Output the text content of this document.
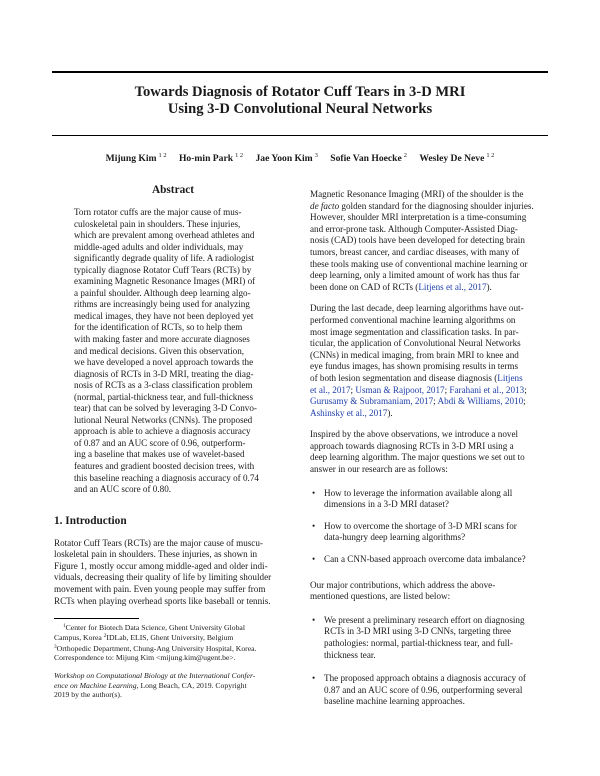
Towards Diagnosis of Rotator Cuff Tears in 3-D MRI
Using 3-D Convolutional Neural Networks
Mijung Kim $^{1 2}$ Ho-min Park $^{1 2}$ Jae Yoon Kim $^3$ Sofie Van Hoecke $^2$ Wesley De Neve $^{1 2}$
Abstract
Torn rotator cuffs are the major cause of mus-
culoskeletal pain in shoulders. These injuries,
which are prevalent among overhead athletes and
middle-aged adults and older individuals, may
significantly degrade quality of life. A radiologist
typically diagnose Rotator Cuff Tears (RCTs) by
examining Magnetic Resonance Images (MRI) of
a painful shoulder. Although deep learning algo-
rithms are increasingly being used for analyzing
medical images, they have not been deployed yet
for the identification of RCTs, so to help them
with making faster and more accurate diagnoses
and medical decisions. Given this observation,
we have developed a novel approach towards the
diagnosis of RCTs in 3-D MRI, treating the diag-
nosis of RCTs as a 3-class classification problem
(normal, partial-thickness tear, and full-thickness
tear) that can be solved by leveraging 3-D Convo-
lutional Neural Networks (CNNs). The proposed
approach is able to achieve a diagnosis accuracy
of 0.87 and an AUC score of 0.96, outperform-
ing a baseline that makes use of wavelet-based
features and gradient boosted decision trees, with
this baseline reaching a diagnosis accuracy of 0.74
and an AUC score of 0.80.
1. Introduction
Rotator Cuff Tears (RCTs) are the major cause of muscu-
loskeletal pain in shoulders. These injuries, as shown in
Figure 1, mostly occur among middle-aged and older indi-
viduals, decreasing their quality of life by limiting shoulder
movement with pain. Even young people may suffer from
RCTs when playing overhead sports like baseball or tennis.
$^1$Center for Biotech Data Science, Ghent University Global
Campus, Korea $^2$IDLab, ELIS, Ghent University, Belgium
$^3$Orthopedic Department, Chung-Ang University Hospital, Korea.
Correspondence to: Mijung Kim <mijung.kim@ugent.be>.
Workshop on Computational Biology at the International Confer-
ence on Machine Learning, Long Beach, CA, 2019. Copyright
2019 by the author(s).
Magnetic Resonance Imaging (MRI) of the shoulder is the
de facto golden standard for the diagnosing shoulder injuries.
However, shoulder MRI interpretation is a time-consuming
and error-prone task. Although Computer-Assisted Diag-
nosis (CAD) tools have been developed for detecting brain
tumors, breast cancer, and cardiac diseases, with many of
these tools making use of conventional machine learning or
deep learning, only a limited amount of work has thus far
been done on CAD of RCTs (Litjens et al., 2017).
During the last decade, deep learning algorithms have out-
performed conventional machine learning algorithms on
most image segmentation and classification tasks. In par-
ticular, the application of Convolutional Neural Networks
(CNNs) in medical imaging, from brain MRI to knee and
eye fundus images, has shown promising results in terms
of both lesion segmentation and disease diagnosis (Litjens
et al., 2017; Usman & Rajpoot, 2017; Farahani et al., 2013;
Gurusamy & Subramaniam, 2017; Abdi & Williams, 2010;
Ashinsky et al., 2017).
Inspired by the above observations, we introduce a novel
approach towards diagnosing RCTs in 3-D MRI using a
deep learning algorithm. The major questions we set out to
answer in our research are as follows:
• How to leverage the information available along all
dimensions in a 3-D MRI dataset?
• How to overcome the shortage of 3-D MRI scans for
data-hungry deep learning algorithms?
• Can a CNN-based approach overcome data imbalance?
Our major contributions, which address the above-
mentioned questions, are listed below:
• We present a preliminary research effort on diagnosing
RCTs in 3-D MRI using 3-D CNNs, targeting three
pathologies: normal, partial-thickness tear, and full-
thickness tear.
• The proposed approach obtains a diagnosis accuracy of
0.87 and an AUC score of 0.96, outperforming several
baseline machine learning approaches.
